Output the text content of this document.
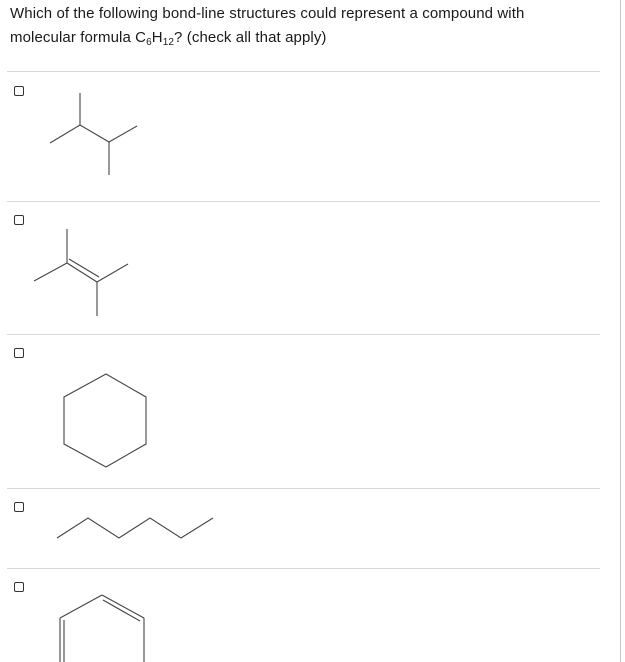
Which of the following bond-line structures could represent a compound with
molecular formula $C_6H_{12}$? (check all that apply)
